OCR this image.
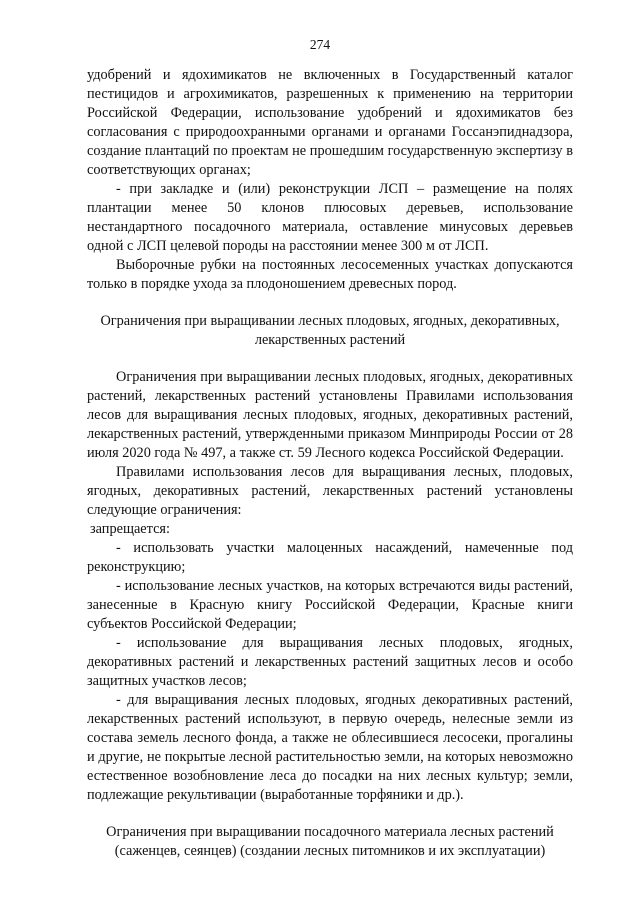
274

удобрений и ядохимикатов не включенных в Государственный каталог пестицидов и агрохимикатов, разрешенных к применению на территории Российской Федерации, использование удобрений и ядохимикатов без согласования с природоохранными органами и органами Госсанэпиднадзора, создание плантаций по проектам не прошедшим государственную экспертизу в соответствующих органах;

- при закладке и (или) реконструкции ЛСП – размещение на полях плантации менее 50 клонов плюсовых деревьев, использование нестандартного посадочного материала, оставление минусовых деревьев одной с ЛСП целевой породы на расстоянии менее 300 м от ЛСП.

Выборочные рубки на постоянных лесосеменных участках допускаются только в порядке ухода за плодоношением древесных пород.

Ограничения при выращивании лесных плодовых, ягодных, декоративных, лекарственных растений

Ограничения при выращивании лесных плодовых, ягодных, декоративных растений, лекарственных растений установлены Правилами использования лесов для выращивания лесных плодовых, ягодных, декоративных растений, лекарственных растений, утвержденными приказом Минприроды России от 28 июля 2020 года № 497, а также ст. 59 Лесного кодекса Российской Федерации.

Правилами использования лесов для выращивания лесных, плодовых, ягодных, декоративных растений, лекарственных растений установлены следующие ограничения:

запрещается:

- использовать участки малоценных насаждений, намеченные под реконструкцию;

- использование лесных участков, на которых встречаются виды растений, занесенные в Красную книгу Российской Федерации, Красные книги субъектов Российской Федерации;

- использование для выращивания лесных плодовых, ягодных, декоративных растений и лекарственных растений защитных лесов и особо защитных участков лесов;

- для выращивания лесных плодовых, ягодных декоративных растений, лекарственных растений используют, в первую очередь, нелесные земли из состава земель лесного фонда, а также не облесившиеся лесосеки, прогалины и другие, не покрытые лесной растительностью земли, на которых невозможно естественное возобновление леса до посадки на них лесных культур; земли, подлежащие рекультивации (выработанные торфяники и др.).

Ограничения при выращивании посадочного материала лесных растений (саженцев, сеянцев) (создании лесных питомников и их эксплуатации)
